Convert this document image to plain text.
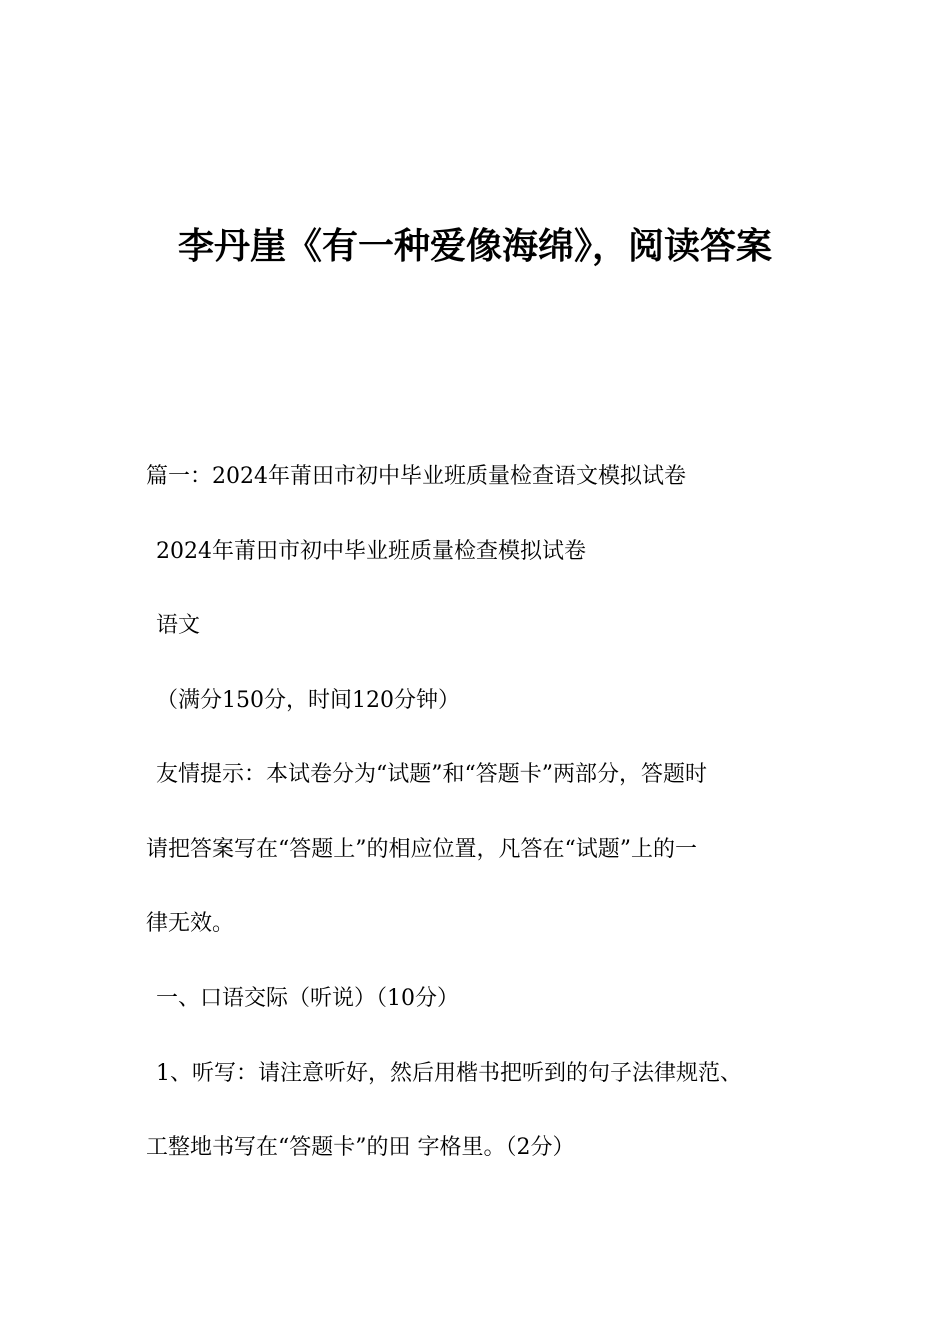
李丹崖《有一种爱像海绵》，阅读答案

篇一：2024年莆田市初中毕业班质量检查语文模拟试卷

2024年莆田市初中毕业班质量检查模拟试卷

语文

（满分150分，时间120分钟）

友情提示：本试卷分为“试题”和“答题卡”两部分，答题时

请把答案写在“答题上”的相应位置，凡答在“试题”上的一

律无效。

一、口语交际（听说）（10分）

1、听写：请注意听好，然后用楷书把听到的句子法律规范、

工整地书写在“答题卡”的田 字格里。（2分）
